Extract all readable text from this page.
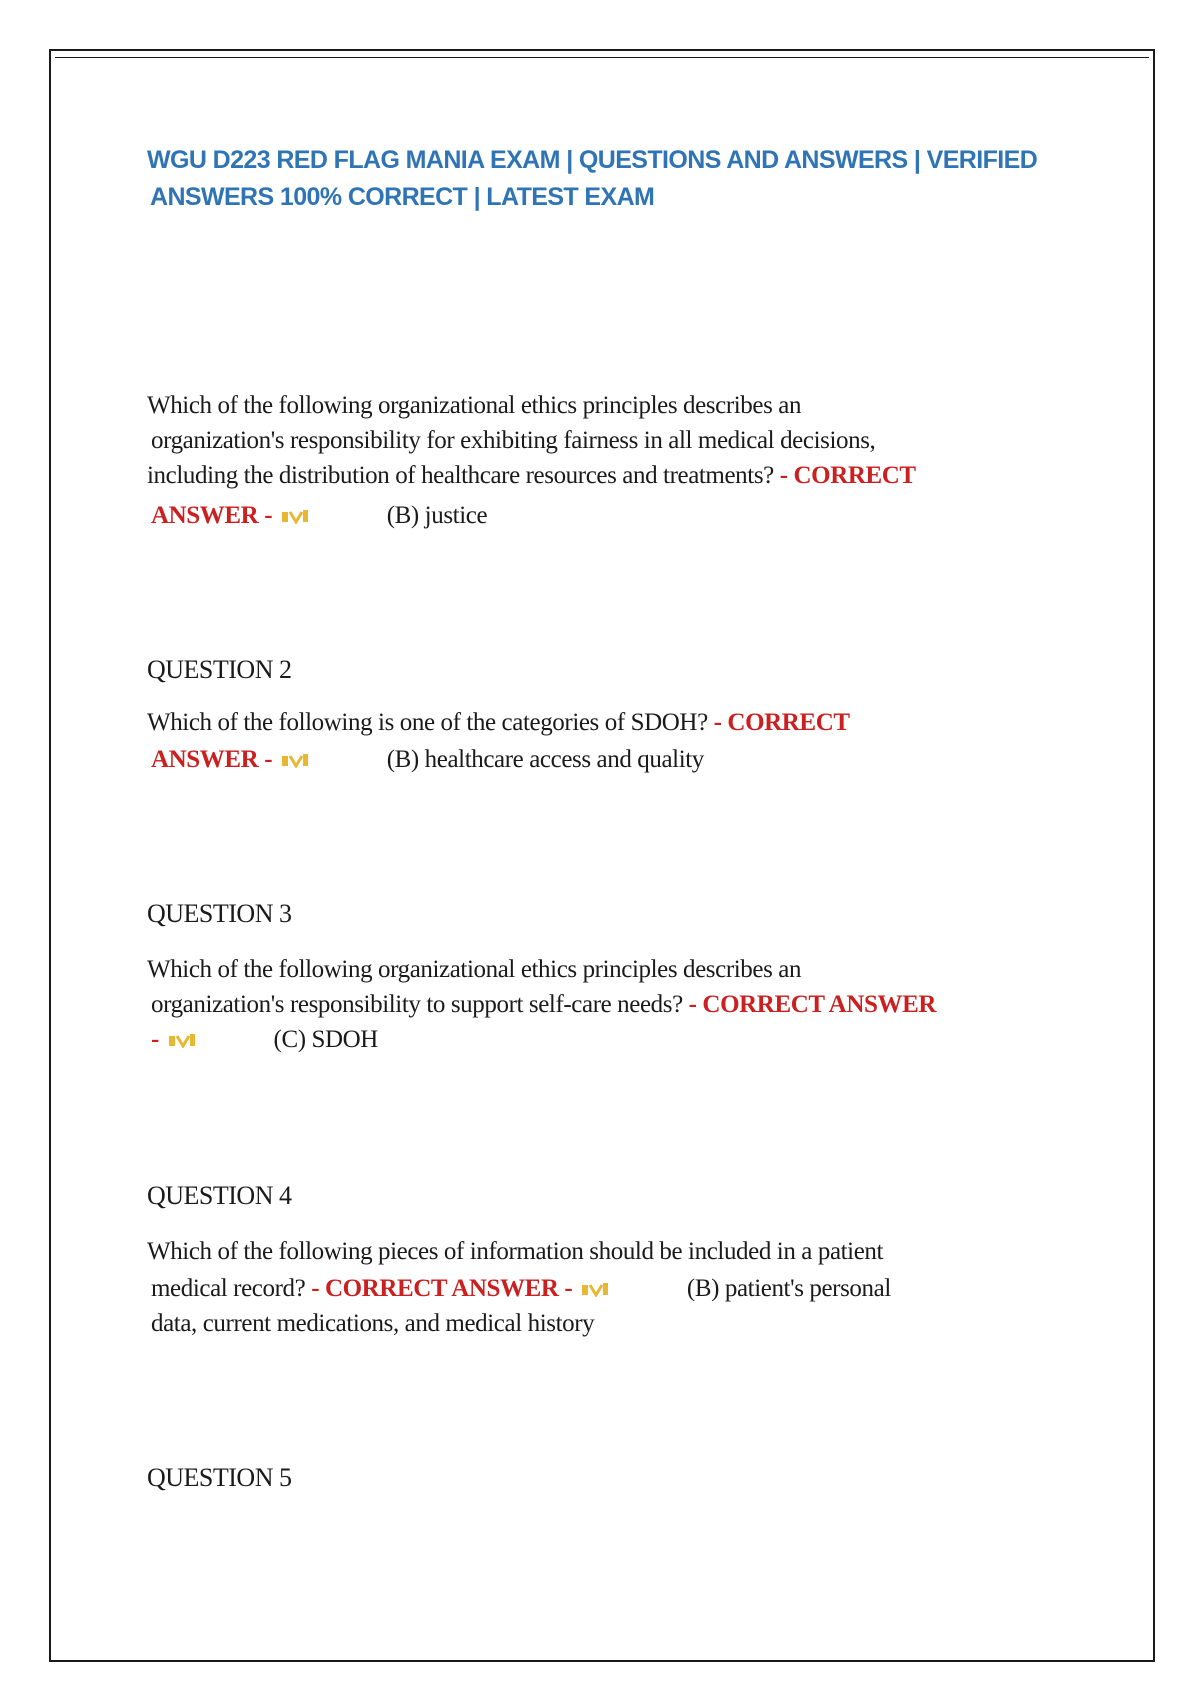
WGU D223 RED FLAG MANIA EXAM | QUESTIONS AND ANSWERS | VERIFIED
ANSWERS 100% CORRECT | LATEST EXAM
Which of the following organizational ethics principles describes an
organization's responsibility for exhibiting fairness in all medical decisions,
including the distribution of healthcare resources and treatments? - CORRECT
ANSWER -	(B) justice
QUESTION 2
Which of the following is one of the categories of SDOH? - CORRECT
ANSWER -	(B) healthcare access and quality
QUESTION 3
Which of the following organizational ethics principles describes an
organization's responsibility to support self-care needs? - CORRECT ANSWER
-	(C) SDOH
QUESTION 4
Which of the following pieces of information should be included in a patient
medical record? - CORRECT ANSWER -	(B) patient's personal data, current medications, and medical history
QUESTION 5
